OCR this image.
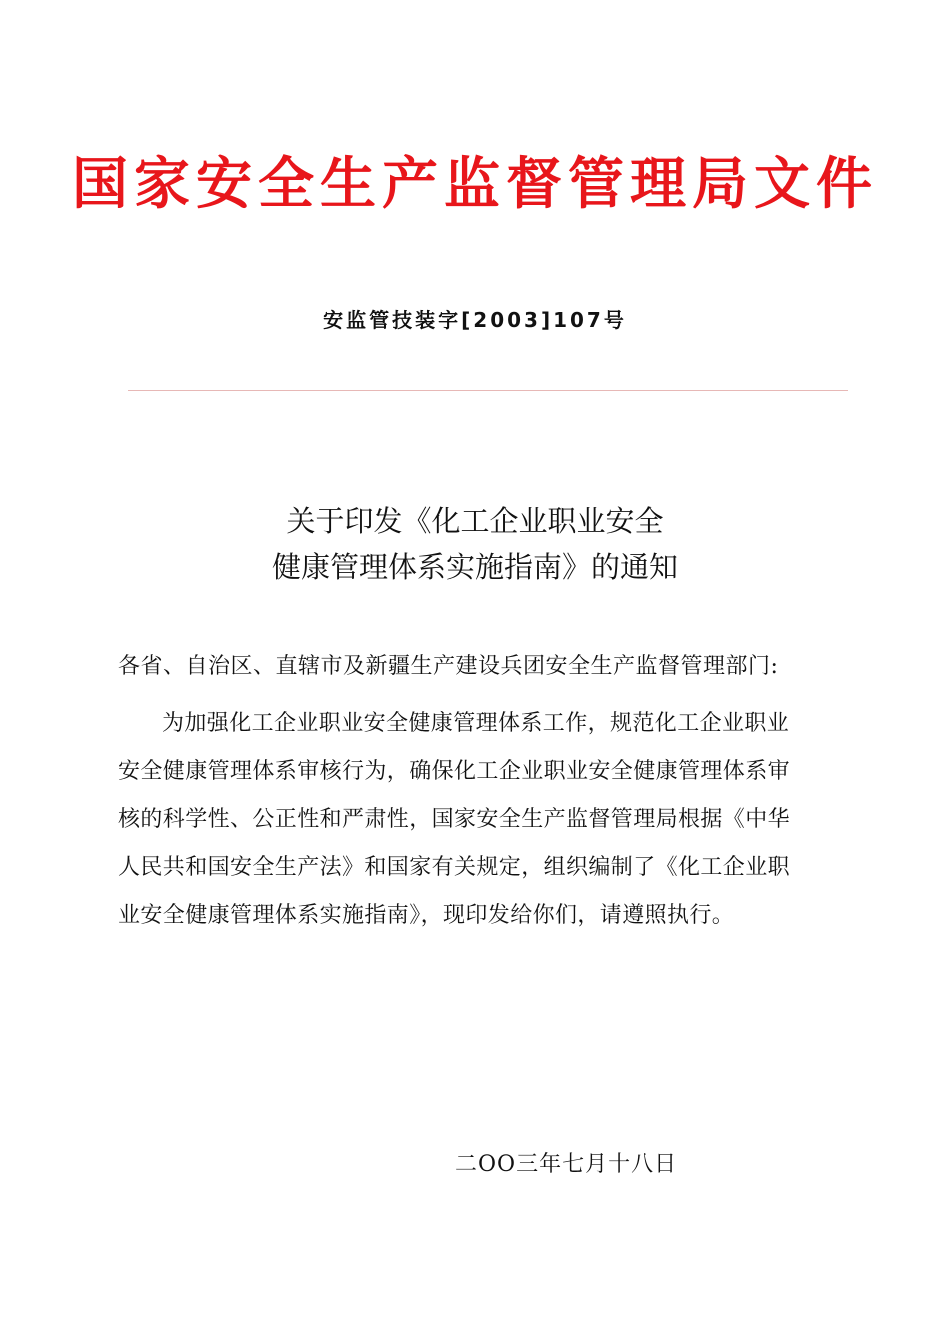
国家安全生产监督管理局文件
安监管技装字[2003]107号
关于印发《化工企业职业安全
健康管理体系实施指南》的通知
各省、自治区、直辖市及新疆生产建设兵团安全生产监督管理部门:
为加强化工企业职业安全健康管理体系工作，规范化工企业职业
安全健康管理体系审核行为，确保化工企业职业安全健康管理体系审
核的科学性、公正性和严肃性，国家安全生产监督管理局根据《中华
人民共和国安全生产法》和国家有关规定，组织编制了《化工企业职
业安全健康管理体系实施指南》，现印发给你们，请遵照执行。
二OO三年七月十八日
